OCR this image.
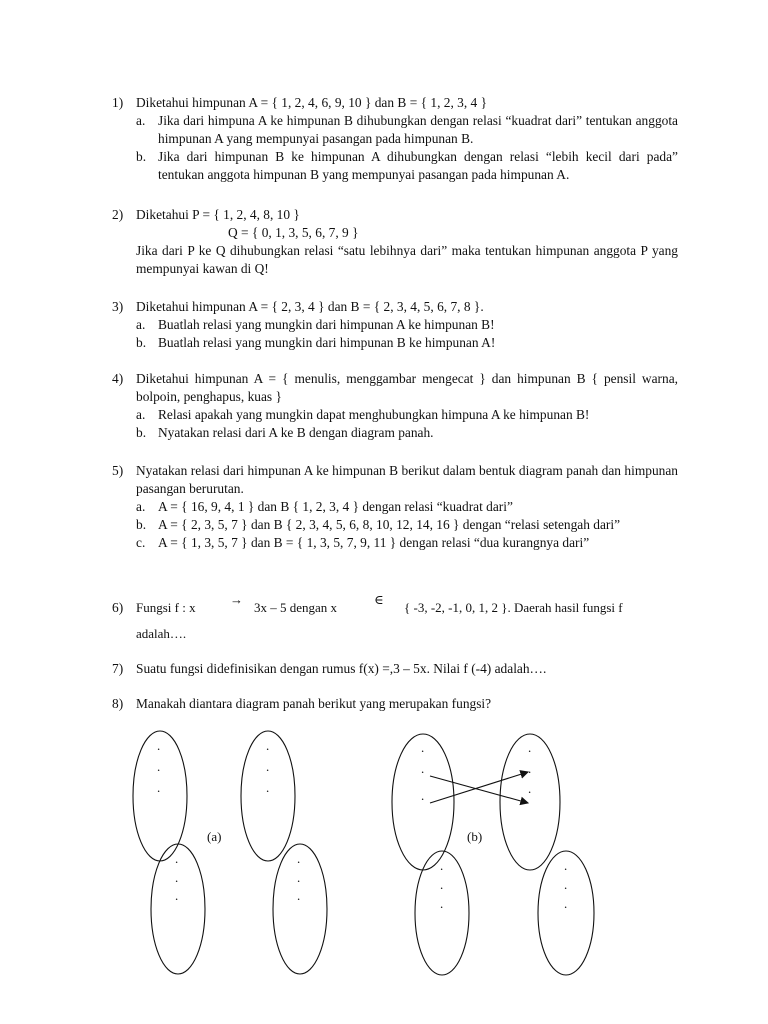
1) Diketahui himpunan A = { 1, 2, 4, 6, 9, 10 } dan B = { 1, 2, 3, 4 }
a. Jika dari himpuna A ke himpunan B dihubungkan dengan relasi “kuadrat dari” tentukan anggota himpunan A yang mempunyai pasangan pada himpunan B.
b. Jika dari himpunan B ke himpunan A dihubungkan dengan relasi “lebih kecil dari pada” tentukan anggota himpunan B yang mempunyai pasangan pada himpunan A.
2) Diketahui P = { 1, 2, 4, 8, 10 }
Q = { 0, 1, 3, 5, 6, 7, 9 }
Jika dari P ke Q dihubungkan relasi “satu lebihnya dari” maka tentukan himpunan anggota P yang mempunyai kawan di Q!
3) Diketahui himpunan A = { 2, 3, 4 } dan B = { 2, 3, 4, 5, 6, 7, 8 }.
a. Buatlah relasi yang mungkin dari himpunan A ke himpunan B!
b. Buatlah relasi yang mungkin dari himpunan B ke himpunan A!
4) Diketahui himpunan A = { menulis, menggambar mengecat } dan himpunan B { pensil warna, bolpoin, penghapus, kuas }
a. Relasi apakah yang mungkin dapat menghubungkan himpuna A ke himpunan B!
b. Nyatakan relasi dari A ke B dengan diagram panah.
5) Nyatakan relasi dari himpunan A ke himpunan B berikut dalam bentuk diagram panah dan himpunan pasangan berurutan.
a. A = { 16, 9, 4, 1 } dan B { 1, 2, 3, 4 } dengan relasi “kuadrat dari”
b. A = { 2, 3, 5, 7 } dan B { 2, 3, 4, 5, 6, 8, 10, 12, 14, 16 } dengan “relasi setengah dari”
c. A = { 1, 3, 5, 7 } dan B = { 1, 3, 5, 7, 9, 11 } dengan relasi “dua kurangnya dari”
6) Fungsi f : x
→
3x – 5 dengan x
∈
{ -3, -2, -1, 0, 1, 2 }. Daerah hasil fungsi f
adalah….
7) Suatu fungsi didefinisikan dengan rumus f(x) =,3 – 5x. Nilai f (-4) adalah….
8) Manakah diantara diagram panah berikut yang merupakan fungsi?
.
.
.
.
.
.
.
.
.
.
.
.
.
.
.
.
.
.
.
.
.
.
.
.
(a)	(b)
